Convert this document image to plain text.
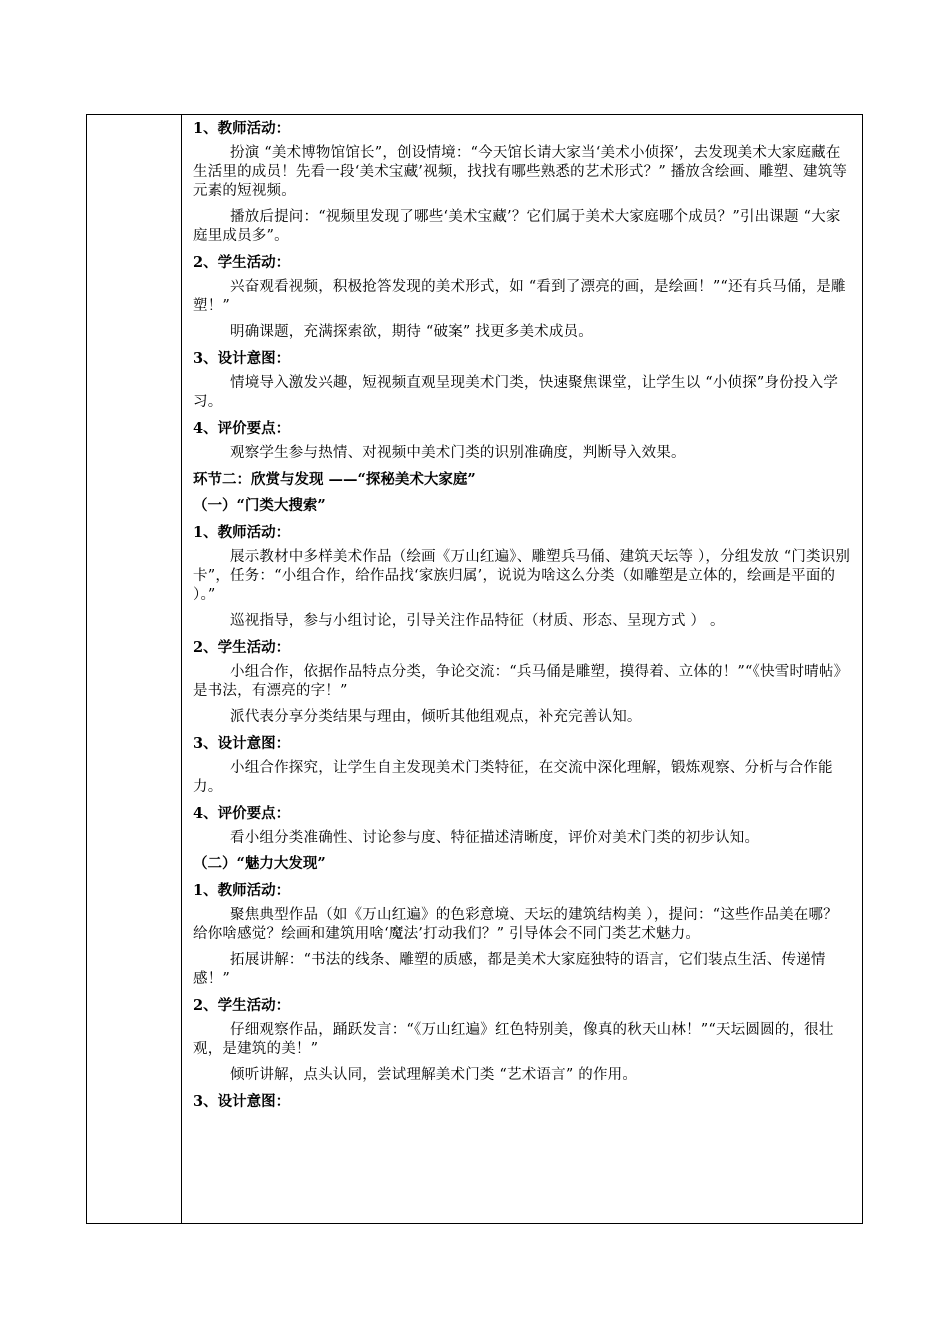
1、教师活动：

扮演 “美术博物馆馆长”，创设情境：“今天馆长请大家当‘美术小侦探’，去发现美术大家庭藏在生活里的成员！先看一段‘美术宝藏’视频，找找有哪些熟悉的艺术形式？” 播放含绘画、雕塑、建筑等元素的短视频。

播放后提问：“视频里发现了哪些‘美术宝藏’？它们属于美术大家庭哪个成员？”引出课题 “大家庭里成员多”。

2、学生活动：

兴奋观看视频，积极抢答发现的美术形式，如 “看到了漂亮的画，是绘画！”“还有兵马俑，是雕塑！”

明确课题，充满探索欲，期待 “破案” 找更多美术成员。

3、设计意图：

情境导入激发兴趣，短视频直观呈现美术门类，快速聚焦课堂，让学生以 “小侦探”身份投入学习。

4、评价要点：

观察学生参与热情、对视频中美术门类的识别准确度，判断导入效果。

环节二：欣赏与发现 ——“探秘美术大家庭”

（一）“门类大搜索”

1、教师活动：

展示教材中多样美术作品（绘画《万山红遍》、雕塑兵马俑、建筑天坛等 ），分组发放 “门类识别卡”，任务：“小组合作，给作品找‘家族归属’，说说为啥这么分类（如雕塑是立体的，绘画是平面的 ）。”

巡视指导，参与小组讨论，引导关注作品特征（材质、形态、呈现方式 ） 。

2、学生活动：

小组合作，依据作品特点分类，争论交流：“兵马俑是雕塑，摸得着、立体的！”“《快雪时晴帖》是书法，有漂亮的字！”

派代表分享分类结果与理由，倾听其他组观点，补充完善认知。

3、设计意图：

小组合作探究，让学生自主发现美术门类特征，在交流中深化理解，锻炼观察、分析与合作能力。

4、评价要点：

看小组分类准确性、讨论参与度、特征描述清晰度，评价对美术门类的初步认知。

（二）“魅力大发现”

1、教师活动：

聚焦典型作品（如《万山红遍》的色彩意境、天坛的建筑结构美 ），提问：“这些作品美在哪？给你啥感觉？绘画和建筑用啥‘魔法’打动我们？” 引导体会不同门类艺术魅力。

拓展讲解：“书法的线条、雕塑的质感，都是美术大家庭独特的语言，它们装点生活、传递情感！”

2、学生活动：

仔细观察作品，踊跃发言：“《万山红遍》红色特别美，像真的秋天山林！”“天坛圆圆的，很壮观，是建筑的美！”

倾听讲解，点头认同，尝试理解美术门类 “艺术语言” 的作用。

3、设计意图：
